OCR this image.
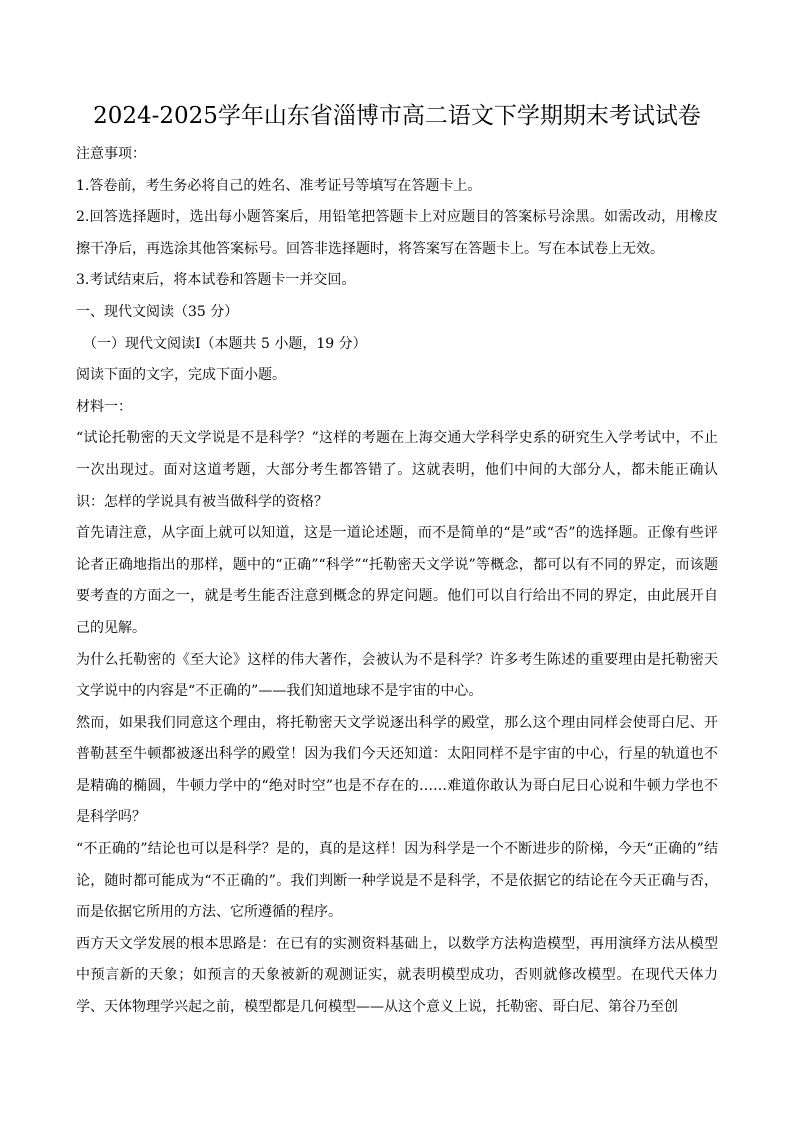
2024-2025学年山东省淄博市高二语文下学期期末考试试卷

注意事项：

1.答卷前，考生务必将自己的姓名、准考证号等填写在答题卡上。

2.回答选择题时，选出每小题答案后，用铅笔把答题卡上对应题目的答案标号涂黑。如需改动，用橡皮擦干净后，再选涂其他答案标号。回答非选择题时，将答案写在答题卡上。写在本试卷上无效。

3.考试结束后，将本试卷和答题卡一并交回。

一、现代文阅读（35 分）

（一）现代文阅读Ⅰ（本题共 5 小题，19 分）

阅读下面的文字，完成下面小题。

材料一：

“试论托勒密的天文学说是不是科学？”这样的考题在上海交通大学科学史系的研究生入学考试中，不止一次出现过。面对这道考题，大部分考生都答错了。这就表明，他们中间的大部分人，都未能正确认识：怎样的学说具有被当做科学的资格？

首先请注意，从字面上就可以知道，这是一道论述题，而不是简单的“是”或“否”的选择题。正像有些评论者正确地指出的那样，题中的“正确”“科学”“托勒密天文学说”等概念，都可以有不同的界定，而该题要考查的方面之一，就是考生能否注意到概念的界定问题。他们可以自行给出不同的界定，由此展开自己的见解。

为什么托勒密的《至大论》这样的伟大著作，会被认为不是科学？许多考生陈述的重要理由是托勒密天文学说中的内容是“不正确的”——我们知道地球不是宇宙的中心。

然而，如果我们同意这个理由，将托勒密天文学说逐出科学的殿堂，那么这个理由同样会使哥白尼、开普勒甚至牛顿都被逐出科学的殿堂！因为我们今天还知道：太阳同样不是宇宙的中心，行星的轨道也不是精确的椭圆，牛顿力学中的“绝对时空”也是不存在的……难道你敢认为哥白尼日心说和牛顿力学也不是科学吗？

“不正确的”结论也可以是科学？是的，真的是这样！因为科学是一个不断进步的阶梯，今天“正确的”结论，随时都可能成为“不正确的”。我们判断一种学说是不是科学，不是依据它的结论在今天正确与否，而是依据它所用的方法、它所遵循的程序。

西方天文学发展的根本思路是：在已有的实测资料基础上，以数学方法构造模型，再用演绎方法从模型中预言新的天象；如预言的天象被新的观测证实，就表明模型成功，否则就修改模型。在现代天体力学、天体物理学兴起之前，模型都是几何模型——从这个意义上说，托勒密、哥白尼、第谷乃至创
